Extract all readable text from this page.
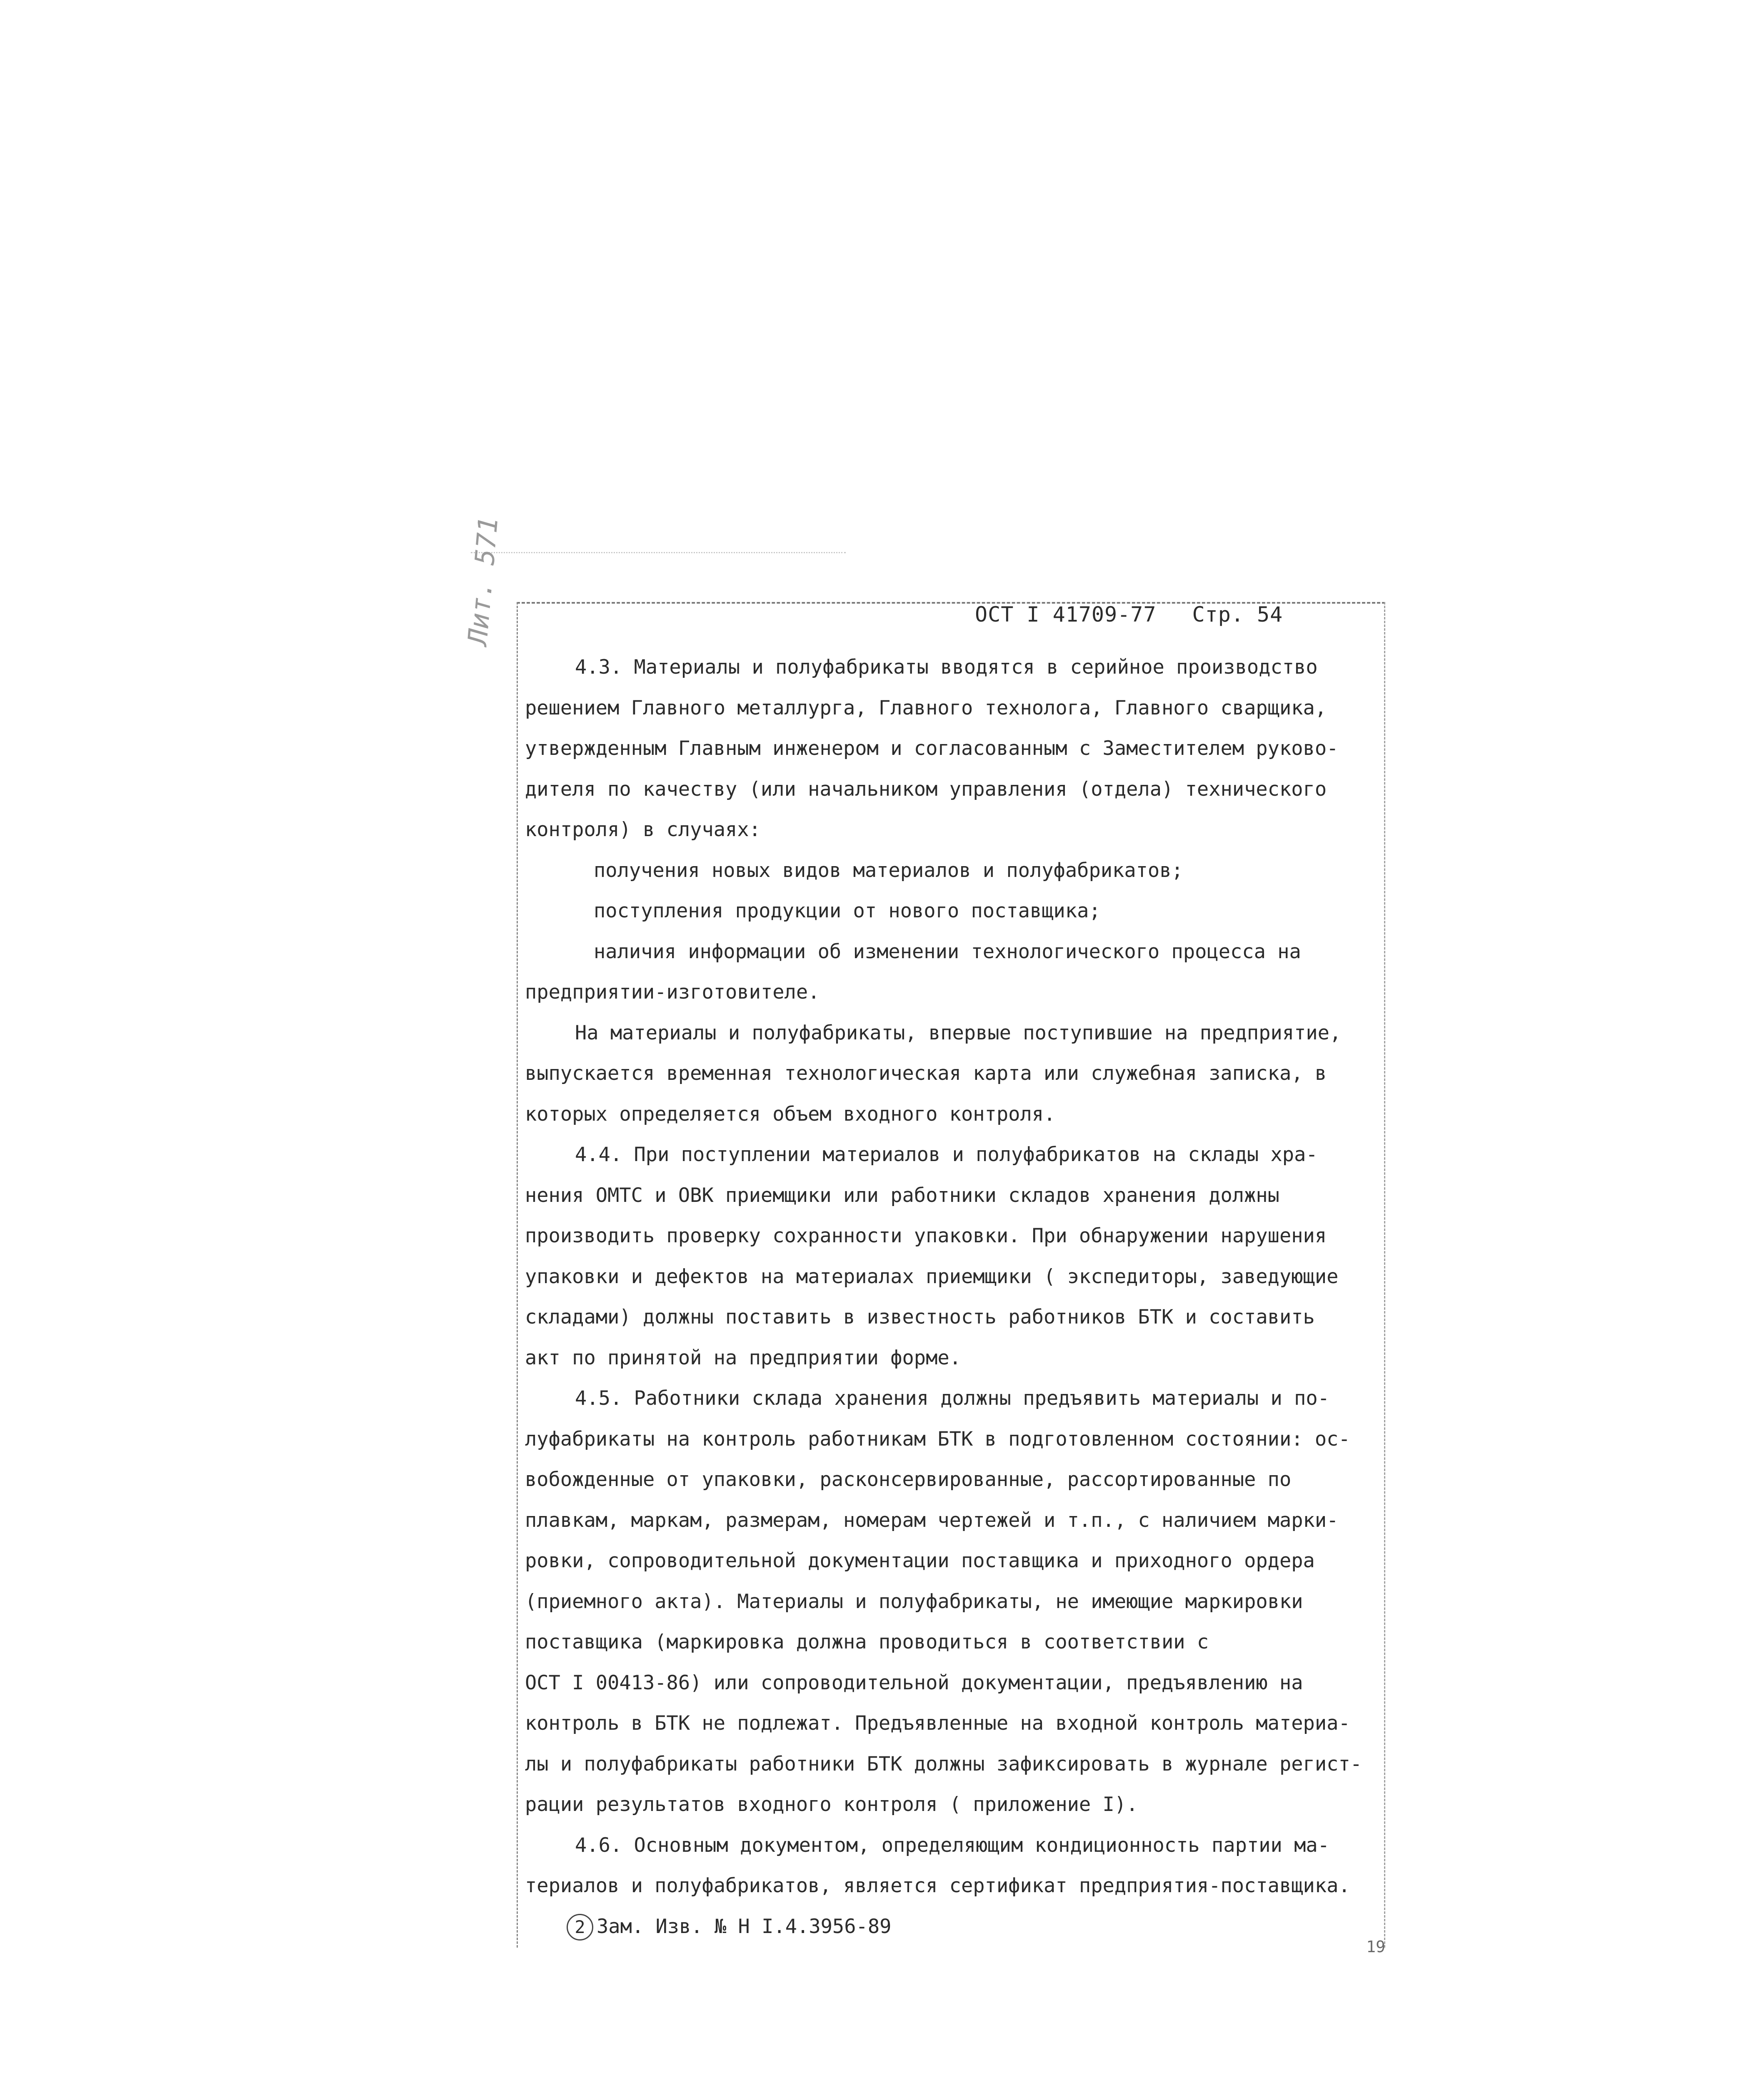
Лит. 571	ОСТ I 41709-77 Стр. 54
4.3. Материалы и полуфабрикаты вводятся в серийное производство
решением Главного металлурга, Главного технолога, Главного сварщика,
утвержденным Главным инженером и согласованным с Заместителем руково-
дителя по качеству (или начальником управления (отдела) технического
контроля) в случаях:
получения новых видов материалов и полуфабрикатов;
поступления продукции от нового поставщика;
наличия информации об изменении технологического процесса на
предприятии-изготовителе.
На материалы и полуфабрикаты, впервые поступившие на предприятие,
выпускается временная технологическая карта или служебная записка, в
которых определяется объем входного контроля.
4.4. При поступлении материалов и полуфабрикатов на склады хра-
нения ОМТС и ОВК приемщики или работники складов хранения должны
производить проверку сохранности упаковки. При обнаружении нарушения
упаковки и дефектов на материалах приемщики ( экспедиторы, заведующие
складами) должны поставить в известность работников БТК и составить
акт по принятой на предприятии форме.
4.5. Работники склада хранения должны предъявить материалы и по-
луфабрикаты на контроль работникам БТК в подготовленном состоянии: ос-
вобожденные от упаковки, расконсервированные, рассортированные по
плавкам, маркам, размерам, номерам чертежей и т.п., с наличием марки-
ровки, сопроводительной документации поставщика и приходного ордера
(приемного акта). Материалы и полуфабрикаты, не имеющие маркировки
поставщика (маркировка должна проводиться в соответствии с
ОСТ I 00413-86) или сопроводительной документации, предъявлению на
контроль в БТК не подлежат. Предъявленные на входной контроль материа-
лы и полуфабрикаты работники БТК должны зафиксировать в журнале регист-
рации результатов входного контроля ( приложение I).
4.6. Основным документом, определяющим кондиционность партии ма-
териалов и полуфабрикатов, является сертификат предприятия-поставщика.
2 Зам. Изв. № Н I.4.3956-89
19
